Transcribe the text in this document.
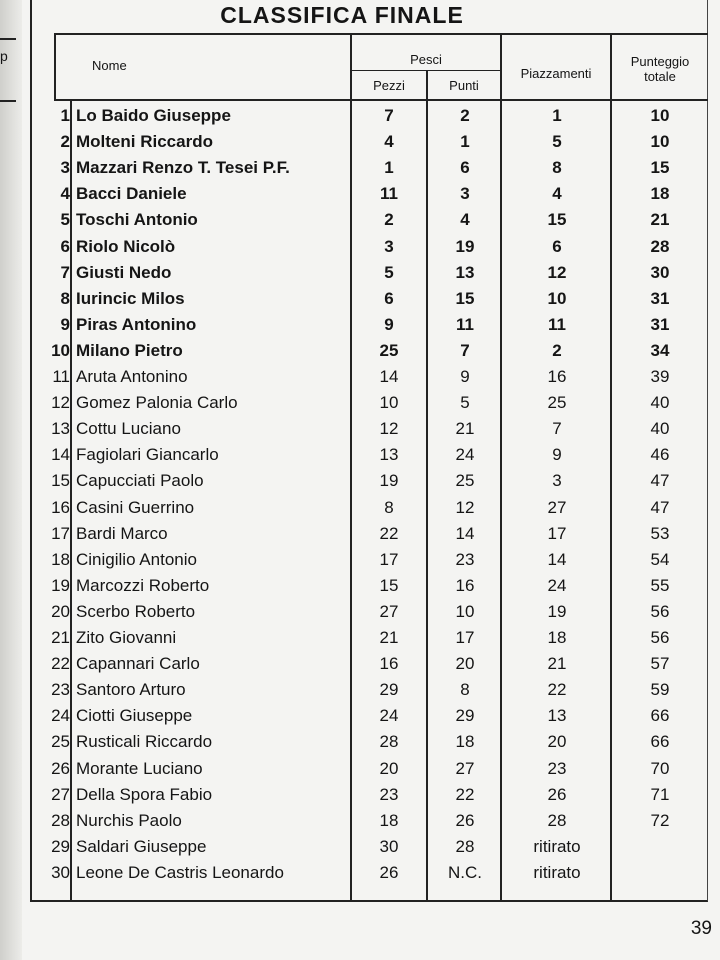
p
CLASSIFICA FINALE
Nome	Pesci
Pezzi	Punti
Piazzamenti
Punteggio
totale
1 Lo Baido Giuseppe	7	2	1	10
2 Molteni Riccardo	4	1	5	10
3 Mazzari Renzo T. Tesei P.F.	1	6	8	15
4 Bacci Daniele	11	3	4	18
5 Toschi Antonio	2	4	15	21
6 Riolo Nicolò	3	19	6	28
7 Giusti Nedo	5	13	12	30
8 Iurincic Milos	6	15	10	31
9 Piras Antonino	9	11	11	31
10 Milano Pietro	25	7	2	34
11 Aruta Antonino	14	9	16	39
12 Gomez Palonia Carlo	10	5	25	40
13 Cottu Luciano	12	21	7	40
14 Fagiolari Giancarlo	13	24	9	46
15 Capucciati Paolo	19	25	3	47
16 Casini Guerrino	8	12	27	47
17 Bardi Marco	22	14	17	53
18 Cinigilio Antonio	17	23	14	54
19 Marcozzi Roberto	15	16	24	55
20 Scerbo Roberto	27	10	19	56
21 Zito Giovanni	21	17	18	56
22 Capannari Carlo	16	20	21	57
23 Santoro Arturo	29	8	22	59
24 Ciotti Giuseppe	24	29	13	66
25 Rusticali Riccardo	28	18	20	66
26 Morante Luciano	20	27	23	70
27 Della Spora Fabio	23	22	26	71
28 Nurchis Paolo	18	26	28	72
29 Saldari Giuseppe	30	28	ritirato
30 Leone De Castris Leonardo	26	N.C.	ritirato
39
